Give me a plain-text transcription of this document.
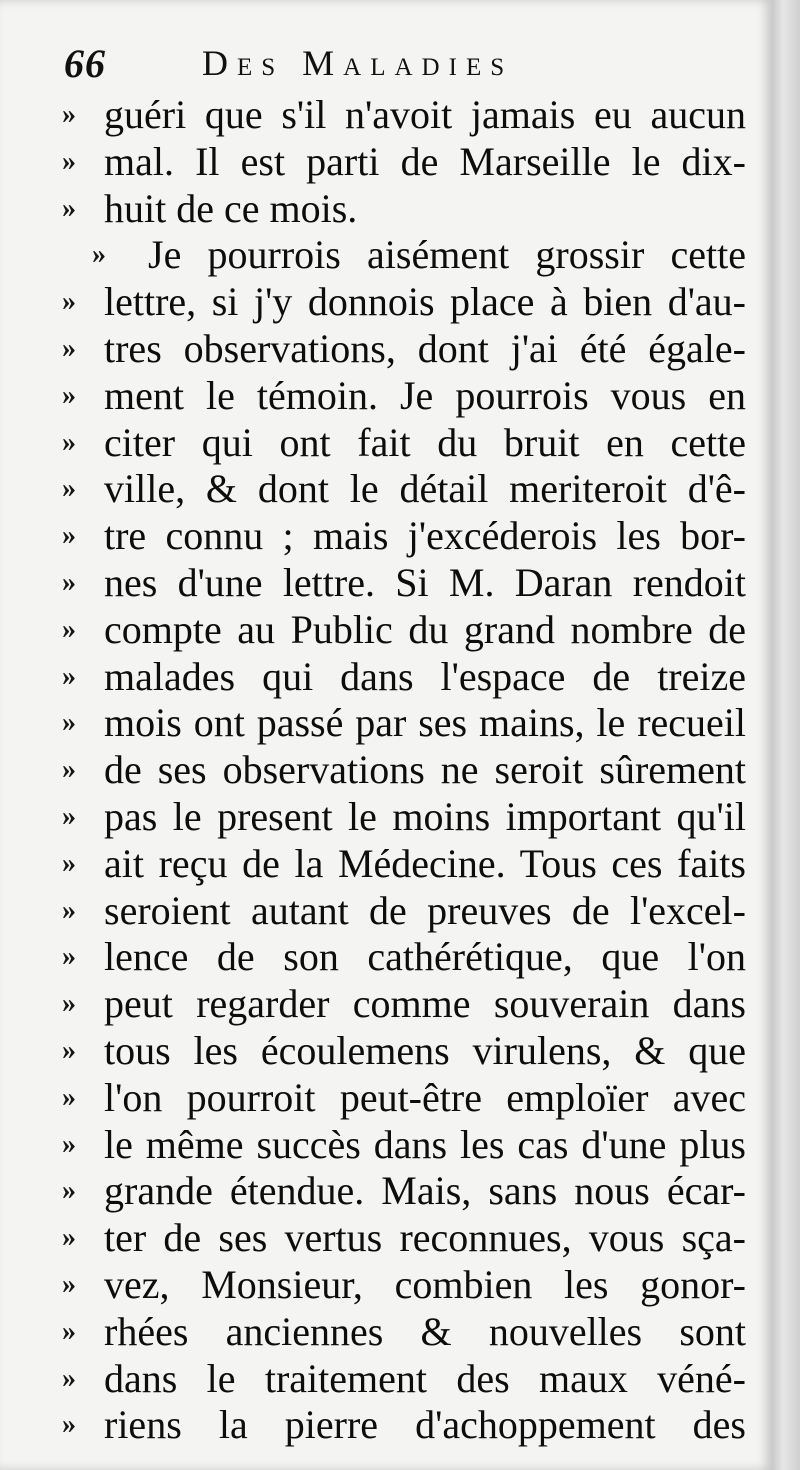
66	Des Maladies
» guéri que s'il n'avoit jamais eu aucun
» mal. Il est parti de Marseille le dix-
» huit de ce mois.
»	Je pourrois aisément grossir cette
» lettre, si j'y donnois place à bien d'au-
» tres observations, dont j'ai été égale-
» ment le témoin. Je pourrois vous en
» citer qui ont fait du bruit en cette
» ville, & dont le détail meriteroit d'ê-
» tre connu ; mais j'excéderois les bor-
» nes d'une lettre. Si M. Daran rendoit
» compte au Public du grand nombre de
» malades qui dans l'espace de treize
» mois ont passé par ses mains, le recueil
» de ses observations ne seroit sûrement
» pas le present le moins important qu'il
» ait reçu de la Médecine. Tous ces faits
» seroient autant de preuves de l'excel-
» lence de son cathérétique, que l'on
» peut regarder comme souverain dans
» tous les écoulemens virulens, & que
» l'on pourroit peut-être emploïer avec
» le même succès dans les cas d'une plus
» grande étendue. Mais, sans nous écar-
» ter de ses vertus reconnues, vous sça-
» vez, Monsieur, combien les gonor-
» rhées anciennes & nouvelles sont
» dans le traitement des maux véné-
» riens la pierre d'achoppement des
